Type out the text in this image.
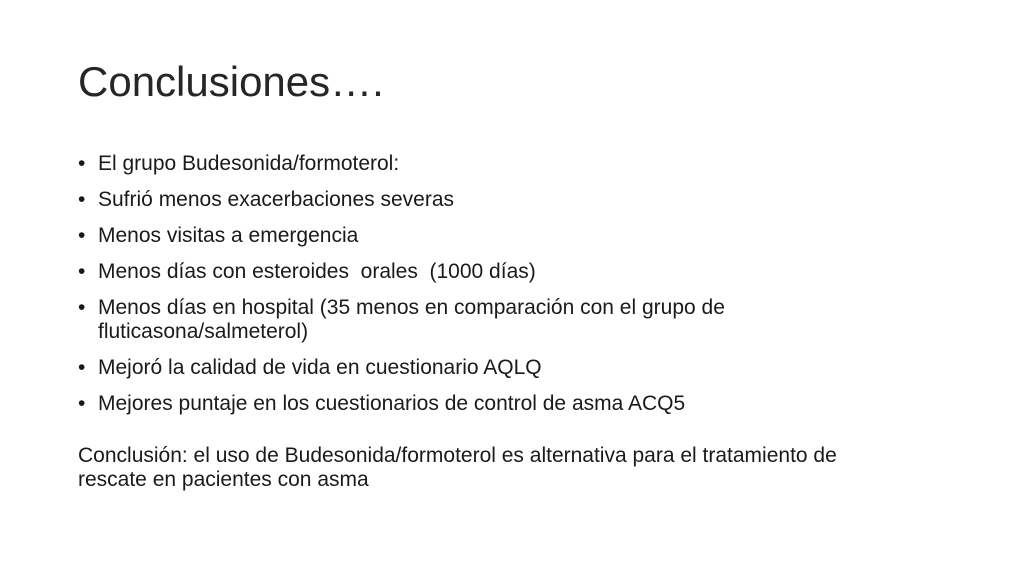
Conclusiones….
• El grupo Budesonida/formoterol:
• Sufrió menos exacerbaciones severas
• Menos visitas a emergencia
• Menos días con esteroides  orales  (1000 días)
• Menos días en hospital (35 menos en comparación con el grupo de fluticasona/salmeterol)
• Mejoró la calidad de vida en cuestionario AQLQ
• Mejores puntaje en los cuestionarios de control de asma ACQ5

Conclusión: el uso de Budesonida/formoterol es alternativa para el tratamiento de rescate en pacientes con asma
